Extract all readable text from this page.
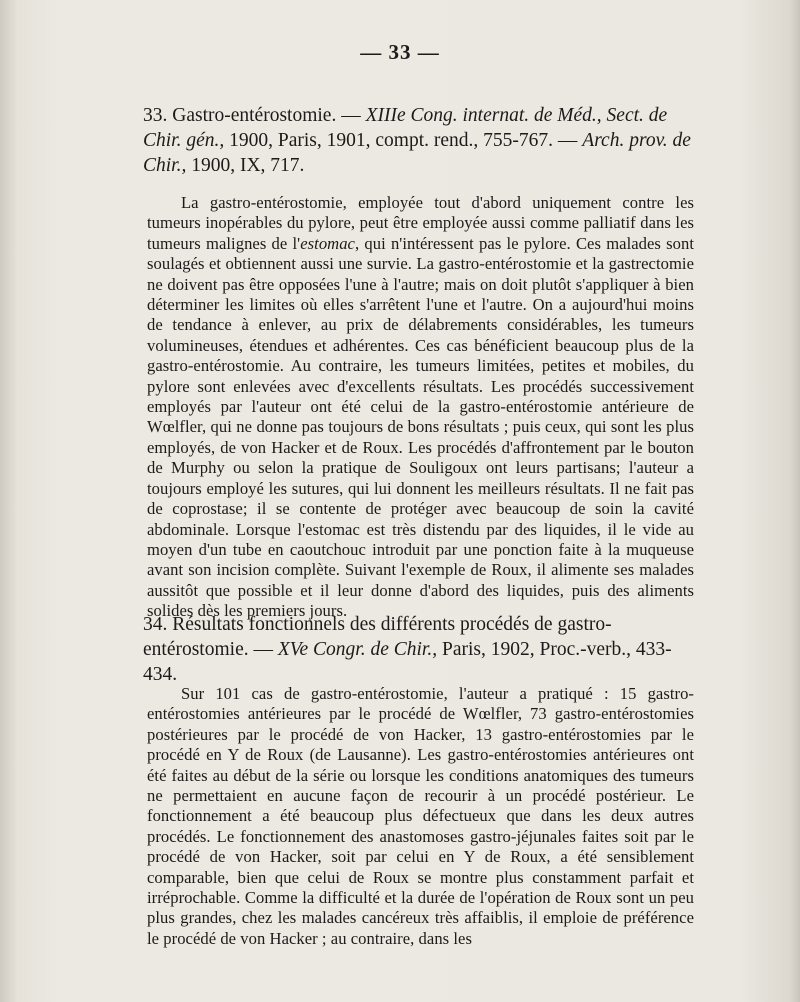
— 33 —
33. Gastro-entérostomie. — XIIIe Cong. internat. de Méd., Sect. de Chir. gén., 1900, Paris, 1901, compt. rend., 755-767. — Arch. prov. de Chir., 1900, IX, 717.

La gastro-entérostomie, employée tout d'abord uniquement contre les tumeurs inopérables du pylore, peut être employée aussi comme palliatif dans les tumeurs malignes de l'estomac, qui n'intéressent pas le pylore. Ces malades sont soulagés et obtiennent aussi une survie. La gastro-entérostomie et la gastrectomie ne doivent pas être opposées l'une à l'autre; mais on doit plutôt s'appliquer à bien déterminer les limites où elles s'arrêtent l'une et l'autre. On a aujourd'hui moins de tendance à enlever, au prix de délabrements considérables, les tumeurs volumineuses, étendues et adhérentes. Ces cas bénéficient beaucoup plus de la gastro-entérostomie. Au contraire, les tumeurs limitées, petites et mobiles, du pylore sont enlevées avec d'excellents résultats. Les procédés successivement employés par l'auteur ont été celui de la gastro-entérostomie antérieure de Wœlfler, qui ne donne pas toujours de bons résultats ; puis ceux, qui sont les plus employés, de von Hacker et de Roux. Les procédés d'affrontement par le bouton de Murphy ou selon la pratique de Souligoux ont leurs partisans; l'auteur a toujours employé les sutures, qui lui donnent les meilleurs résultats. Il ne fait pas de coprostase; il se contente de protéger avec beaucoup de soin la cavité abdominale. Lorsque l'estomac est très distendu par des liquides, il le vide au moyen d'un tube en caoutchouc introduit par une ponction faite à la muqueuse avant son incision complète. Suivant l'exemple de Roux, il alimente ses malades aussitôt que possible et il leur donne d'abord des liquides, puis des aliments solides dès les premiers jours.

34. Résultats fonctionnels des différents procédés de gastro-entérostomie. — XVe Congr. de Chir., Paris, 1902, Proc.-verb., 433-434.

Sur 101 cas de gastro-entérostomie, l'auteur a pratiqué : 15 gastro-entérostomies antérieures par le procédé de Wœlfler, 73 gastro-entérostomies postérieures par le procédé de von Hacker, 13 gastro-entérostomies par le procédé en Y de Roux (de Lausanne). Les gastro-entérostomies antérieures ont été faites au début de la série ou lorsque les conditions anatomiques des tumeurs ne permettaient en aucune façon de recourir à un procédé postérieur. Le fonctionnement a été beaucoup plus défectueux que dans les deux autres procédés. Le fonctionnement des anastomoses gastro-jéjunales faites soit par le procédé de von Hacker, soit par celui en Y de Roux, a été sensiblement comparable, bien que celui de Roux se montre plus constamment parfait et irréprochable. Comme la difficulté et la durée de l'opération de Roux sont un peu plus grandes, chez les malades cancéreux très affaiblis, il emploie de préférence le procédé de von Hacker ; au contraire, dans les
